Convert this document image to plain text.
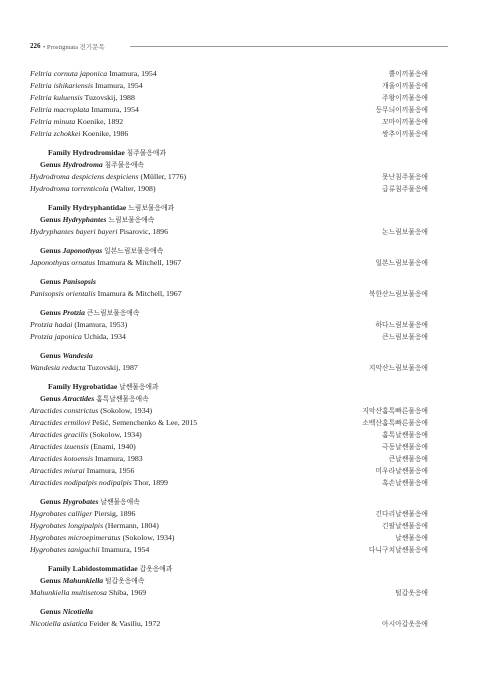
226 • Prostigmata 전기문목
Feltria cornuta japonica Imamura, 1954	뿔이끼물응애
Feltria ishikariensis Imamura, 1954	개울이끼물응애
Feltria kuluensis Tuzovskij, 1988	주왕이끼물응애
Feltria macroplata Imamura, 1954	등무늬이끼물응애
Feltria minuta Koenike, 1892	꼬마이끼물응애
Feltria zchokkei Koenike, 1986	쌍추이끼물응애
Family Hydrodromidae 침주물응애과
Genus Hydrodroma 침주물응애속
Hydrodroma despiciens despiciens (Müller, 1776)	못난침주물응애
Hydrodroma torrenticola (Walter, 1908)	급류침주물응애
Family Hydryphantidae 느림보물응애과
Genus Hydryphantes 느림보물응애속
Hydryphantes bayeri bayeri Pisarovic, 1896	논느림보물응애
Genus Japonothyas 일본느림보물응애속
Japonothyas ornatus Imamura & Mitchell, 1967	일본느림보물응애
Genus Panisopsis
Panisopsis orientalis Imamura & Mitchell, 1967	북한산느림보물응애
Genus Protzia 큰느림보물응애속
Protzia hadai (Imamura, 1953)	하다느림보물응애
Protzia japonica Uchida, 1934	큰느림보물응애
Genus Wandesia
Wandesia reducta Tuzovskij, 1987	지악산느림보물응애
Family Hygrobatidae 날쌘물응애과
Genus Atractides 홈톡날쌘물응애속
Atractides constrictus (Sokolow, 1934)	지악산홈톡빠른물응애
Atractides ermilovi Pešić, Semenchenko & Lee, 2015	소백산홈톡빠른물응애
Atractides gracilis (Sokolow, 1934)	홈톡날쌘물응애
Atractides izuensis (Enami, 1940)	극동날쌘물응애
Atractides kotoensis Imamura, 1983	큰날쌘물응애
Atractides miurai Imamura, 1956	미우라날쌘물응애
Atractides nodipalpis nodipalpis Thor, 1899	혹손날쌘물응애
Genus Hygrobates 날쌘물응애속
Hygrobates calliger Piersig, 1896	긴다리날쌘물응애
Hygrobates longipalpis (Hermann, 1804)	긴팔날쌘물응애
Hygrobates microepimeratus (Sokolow, 1934)	날쌘물응애
Hygrobates taniguchii Imamura, 1954	다니구치날쌘물응애
Family Labidostommatidae 갑옷응애과
Genus Mahunkiella 털갑옷응애속
Mahunkiella multisetosa Shiba, 1969	털갑옷응애
Genus Nicotiella
Nicotiella asiatica Feider & Vasiliu, 1972	아시아갑옷응애
